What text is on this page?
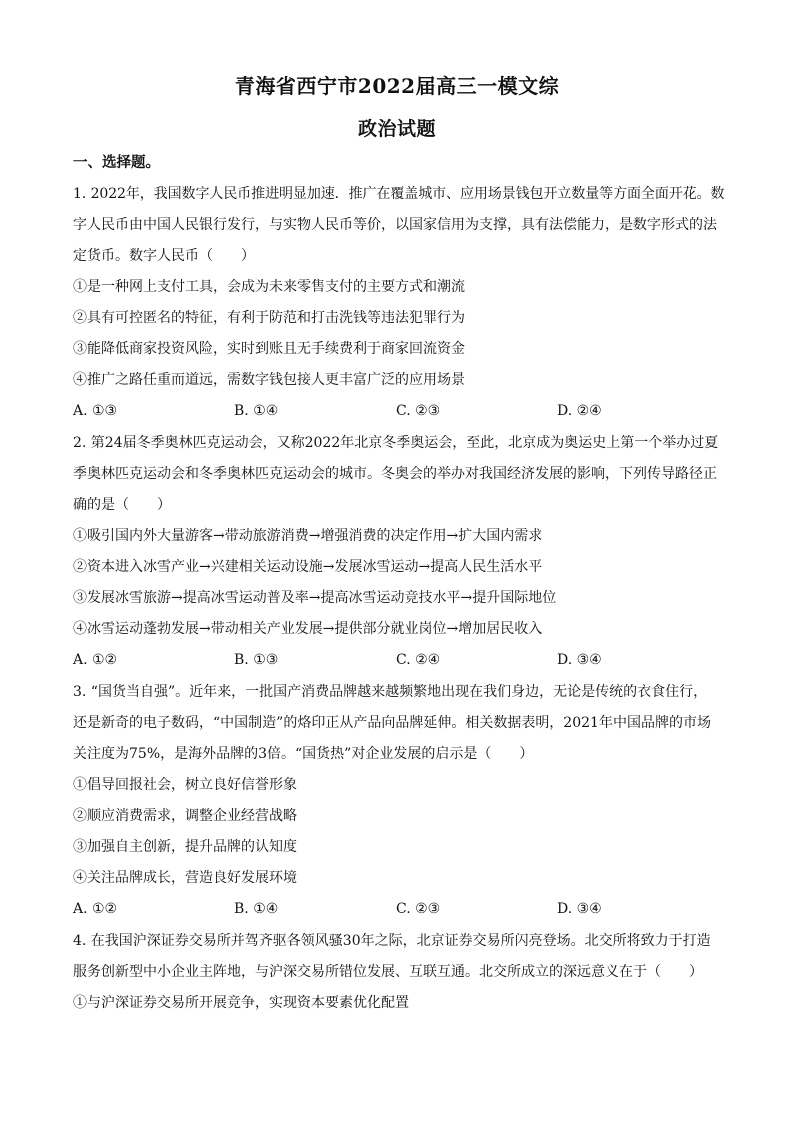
青海省西宁市2022届高三一模文综
政治试题
一、选择题。
1. 2022年，我国数字人民币推进明显加速．推广在覆盖城市、应用场景钱包开立数量等方面全面开花。数
字人民币由中国人民银行发行，与实物人民币等价，以国家信用为支撑，具有法偿能力，是数字形式的法
定货币。数字人民币（　　）
①是一种网上支付工具，会成为未来零售支付的主要方式和潮流
②具有可控匿名的特征，有利于防范和打击洗钱等违法犯罪行为
③能降低商家投资风险，实时到账且无手续费利于商家回流资金
④推广之路任重而道远，需数字钱包接人更丰富广泛的应用场景
A. ①③	B. ①④	C. ②③	D. ②④
2. 第24届冬季奥林匹克运动会，又称2022年北京冬季奥运会，至此，北京成为奥运史上第一个举办过夏
季奥林匹克运动会和冬季奥林匹克运动会的城市。冬奥会的举办对我国经济发展的影响，下列传导路径正
确的是（　　）
①吸引国内外大量游客→带动旅游消费→增强消费的决定作用→扩大国内需求
②资本进入冰雪产业→兴建相关运动设施→发展冰雪运动→提高人民生活水平
③发展冰雪旅游→提高冰雪运动普及率→提高冰雪运动竞技水平→提升国际地位
④冰雪运动蓬勃发展→带动相关产业发展→提供部分就业岗位→增加居民收入
A. ①②	B. ①③	C. ②④	D. ③④
3. “国货当自强”。近年来，一批国产消费品牌越来越频繁地出现在我们身边，无论是传统的衣食住行，
还是新奇的电子数码，“中国制造”的烙印正从产品向品牌延伸。相关数据表明，2021年中国品牌的市场
关注度为75%，是海外品牌的3倍。“国货热”对企业发展的启示是（　　）
①倡导回报社会，树立良好信誉形象
②顺应消费需求，调整企业经营战略
③加强自主创新，提升品牌的认知度
④关注品牌成长，营造良好发展环境
A. ①②	B. ①④	C. ②③	D. ③④
4. 在我国沪深证券交易所并驾齐驱各领风骚30年之际，北京证券交易所闪亮登场。北交所将致力于打造
服务创新型中小企业主阵地，与沪深交易所错位发展、互联互通。北交所成立的深远意义在于（　　）
①与沪深证券交易所开展竞争，实现资本要素优化配置
